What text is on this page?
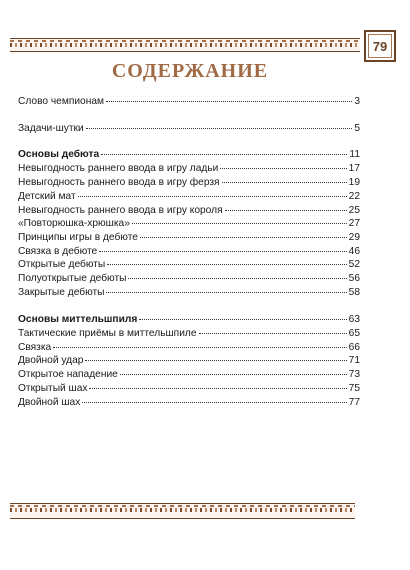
79
СОДЕРЖАНИЕ
Слово чемпионам	3
Задачи-шутки	5
Основы дебюта	11
Невыгодность раннего ввода в игру ладьи	17
Невыгодность раннего ввода в игру ферзя	19
Детский мат	22
Невыгодность раннего ввода в игру короля	25
«Повторюшка-хрюшка»	27
Принципы игры в дебюте	29
Связка в дебюте	46
Открытые дебюты	52
Полуоткрытые дебюты	56
Закрытые дебюты	58
Основы миттельшпиля	63
Тактические приёмы в миттельшпиле	65
Связка	66
Двойной удар	71
Открытое нападение	73
Открытый шах	75
Двойной шах	77
